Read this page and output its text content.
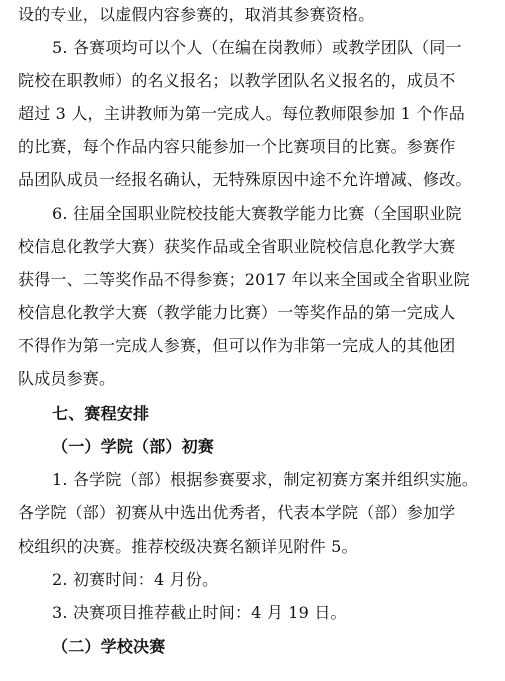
设的专业，以虚假内容参赛的，取消其参赛资格。
5. 各赛项均可以个人（在编在岗教师）或教学团队（同一
院校在职教师）的名义报名；以教学团队名义报名的，成员不
超过 3 人，主讲教师为第一完成人。每位教师限参加 1 个作品
的比赛，每个作品内容只能参加一个比赛项目的比赛。参赛作
品团队成员一经报名确认，无特殊原因中途不允许增减、修改。
6. 往届全国职业院校技能大赛教学能力比赛（全国职业院
校信息化教学大赛）获奖作品或全省职业院校信息化教学大赛
获得一、二等奖作品不得参赛；2017 年以来全国或全省职业院
校信息化教学大赛（教学能力比赛）一等奖作品的第一完成人
不得作为第一完成人参赛，但可以作为非第一完成人的其他团
队成员参赛。
七、赛程安排
（一）学院（部）初赛
1. 各学院（部）根据参赛要求，制定初赛方案并组织实施。
各学院（部）初赛从中选出优秀者，代表本学院（部）参加学
校组织的决赛。推荐校级决赛名额详见附件 5。
2. 初赛时间：4 月份。
3. 决赛项目推荐截止时间：4 月 19 日。
（二）学校决赛
